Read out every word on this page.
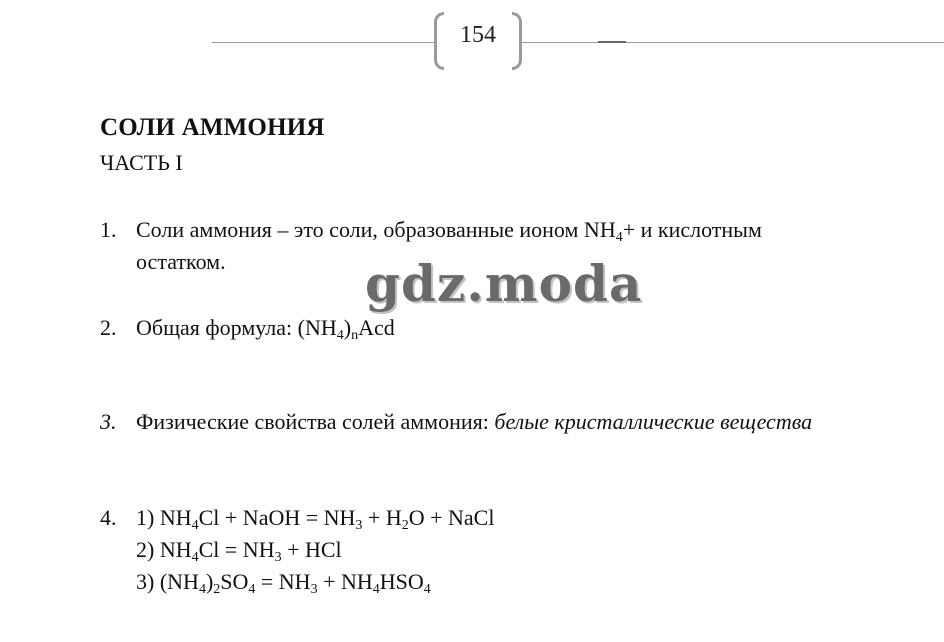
154
СОЛИ АММОНИЯ
ЧАСТЬ I
1. Соли аммония – это соли, образованные ионом $NH_4+ и$ кислотным
остатком.
2. Общая формула: $(NH_4)_nAcd$
3. Физические свойства солей аммония: белые кристаллические вещества
4. 1) $NH_4Cl$ + NaOH = $NH_3 + H_2O$ + NaCl
2) $NH_4Cl = NH_3$ + HCl
3) $(NH_4)_2SO_4 = NH_3 + NH_4HSO_4$
gdz.moda
